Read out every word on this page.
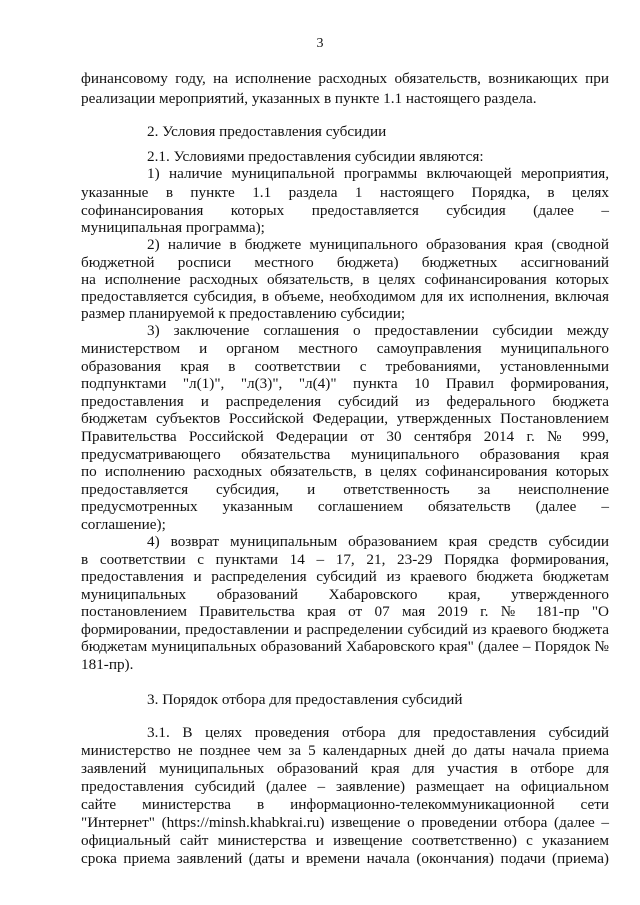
3
финансовому году, на исполнение расходных обязательств, возникающих при
реализации мероприятий, указанных в пункте 1.1 настоящего раздела.
2. Условия предоставления субсидии
2.1. Условиями предоставления субсидии являются:
1) наличие муниципальной программы включающей мероприятия,
указанные в пункте 1.1 раздела 1 настоящего Порядка, в целях
софинансирования которых предоставляется субсидия (далее –
муниципальная программа);
2) наличие в бюджете муниципального образования края (сводной
бюджетной росписи местного бюджета) бюджетных ассигнований
на исполнение расходных обязательств, в целях софинансирования которых
предоставляется субсидия, в объеме, необходимом для их исполнения, включая
размер планируемой к предоставлению субсидии;
3) заключение соглашения о предоставлении субсидии между
министерством и органом местного самоуправления муниципального
образования края в соответствии с требованиями, установленными
подпунктами "л(1)", "л(3)", "л(4)" пункта 10 Правил формирования,
предоставления и распределения субсидий из федерального бюджета
бюджетам субъектов Российской Федерации, утвержденных Постановлением
Правительства Российской Федерации от 30 сентября 2014 г. № 999,
предусматривающего обязательства муниципального образования края
по исполнению расходных обязательств, в целях софинансирования которых
предоставляется субсидия, и ответственность за неисполнение
предусмотренных указанным соглашением обязательств (далее –
соглашение);
4) возврат муниципальным образованием края средств субсидии
в соответствии с пунктами 14 – 17, 21, 23-29 Порядка формирования,
предоставления и распределения субсидий из краевого бюджета бюджетам
муниципальных образований Хабаровского края, утвержденного
постановлением Правительства края от 07 мая 2019 г. № 181-пр "О
формировании, предоставлении и распределении субсидий из краевого бюджета
бюджетам муниципальных образований Хабаровского края" (далее – Порядок №
181-пр).
3. Порядок отбора для предоставления субсидий
3.1. В целях проведения отбора для предоставления субсидий
министерство не позднее чем за 5 календарных дней до даты начала приема
заявлений муниципальных образований края для участия в отборе для
предоставления субсидий (далее – заявление) размещает на официальном
сайте министерства в информационно-телекоммуникационной сети
"Интернет" (https://minsh.khabkrai.ru) извещение о проведении отбора (далее –
официальный сайт министерства и извещение соответственно) с указанием
срока приема заявлений (даты и времени начала (окончания) подачи (приема)
